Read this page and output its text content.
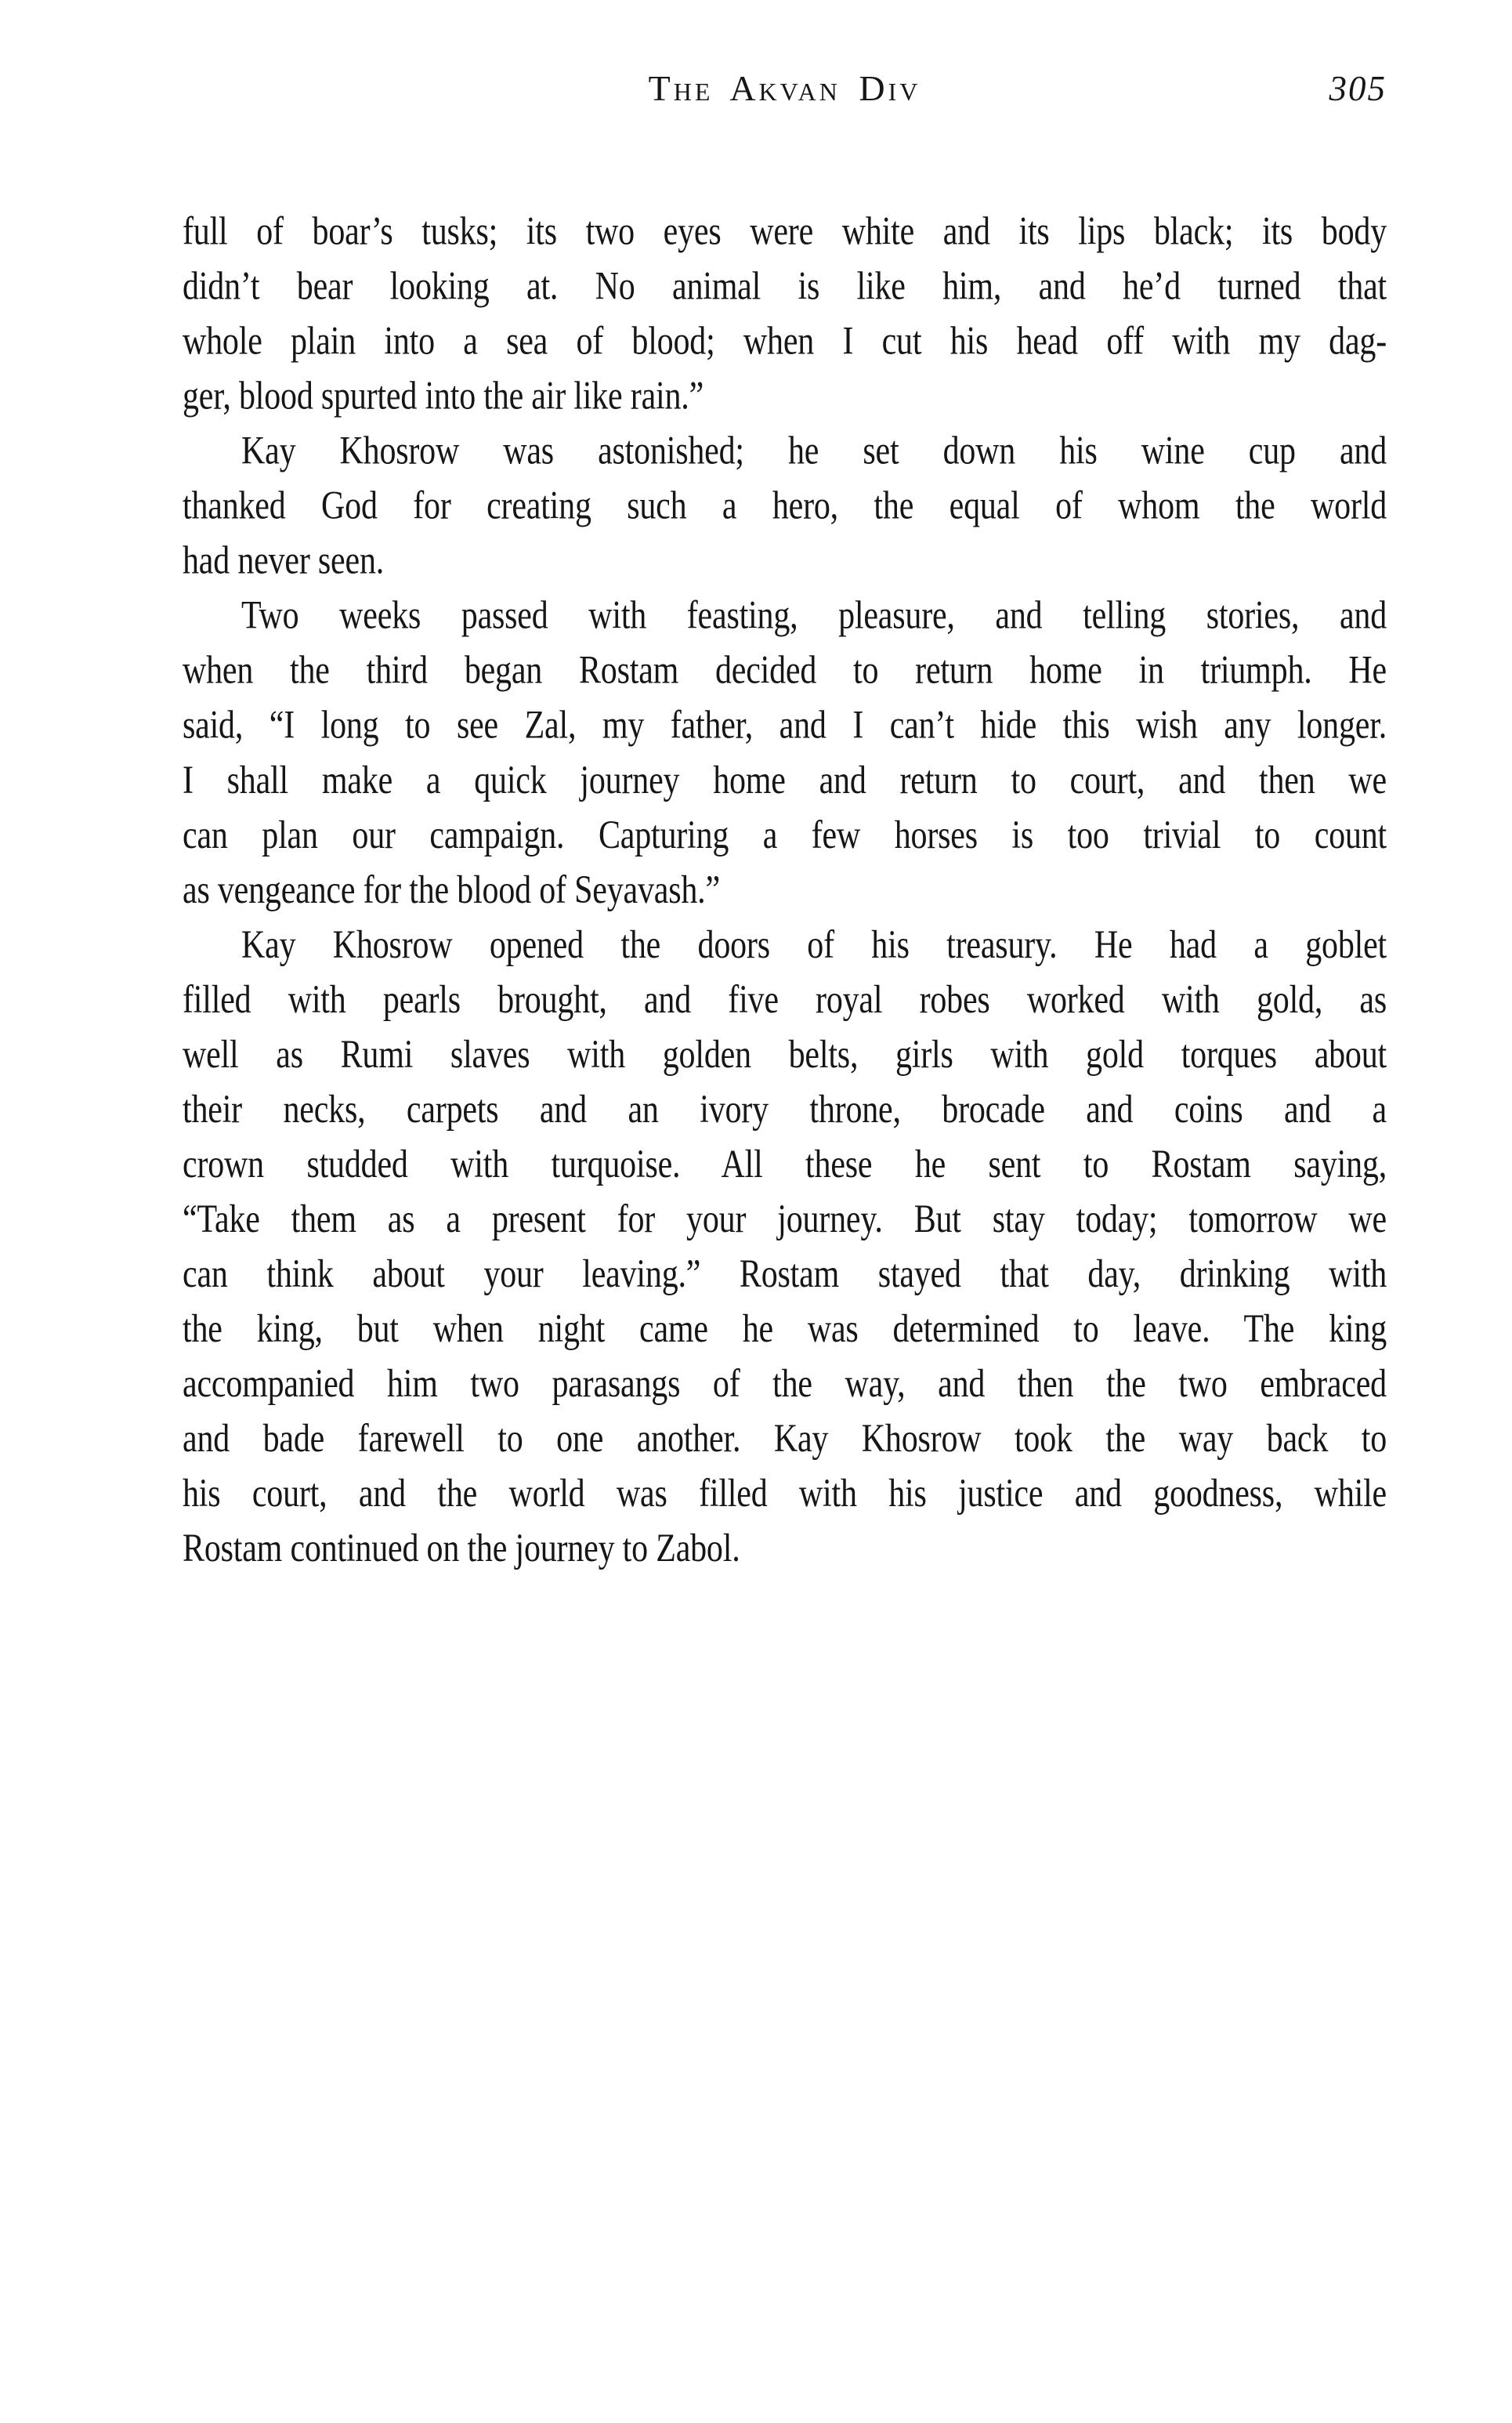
The Akvan Div	305
full of boar’s tusks; its two eyes were white and its lips black; its body
didn’t bear looking at. No animal is like him, and he’d turned that
whole plain into a sea of blood; when I cut his head off with my dag-
ger, blood spurted into the air like rain.”
Kay Khosrow was astonished; he set down his wine cup and
thanked God for creating such a hero, the equal of whom the world
had never seen.
Two weeks passed with feasting, pleasure, and telling stories, and
when the third began Rostam decided to return home in triumph. He
said, “I long to see Zal, my father, and I can’t hide this wish any longer.
I shall make a quick journey home and return to court, and then we
can plan our campaign. Capturing a few horses is too trivial to count
as vengeance for the blood of Seyavash.”
Kay Khosrow opened the doors of his treasury. He had a goblet
filled with pearls brought, and five royal robes worked with gold, as
well as Rumi slaves with golden belts, girls with gold torques about
their necks, carpets and an ivory throne, brocade and coins and a
crown studded with turquoise. All these he sent to Rostam saying,
“Take them as a present for your journey. But stay today; tomorrow we
can think about your leaving.” Rostam stayed that day, drinking with
the king, but when night came he was determined to leave. The king
accompanied him two parasangs of the way, and then the two embraced
and bade farewell to one another. Kay Khosrow took the way back to
his court, and the world was filled with his justice and goodness, while
Rostam continued on the journey to Zabol.
